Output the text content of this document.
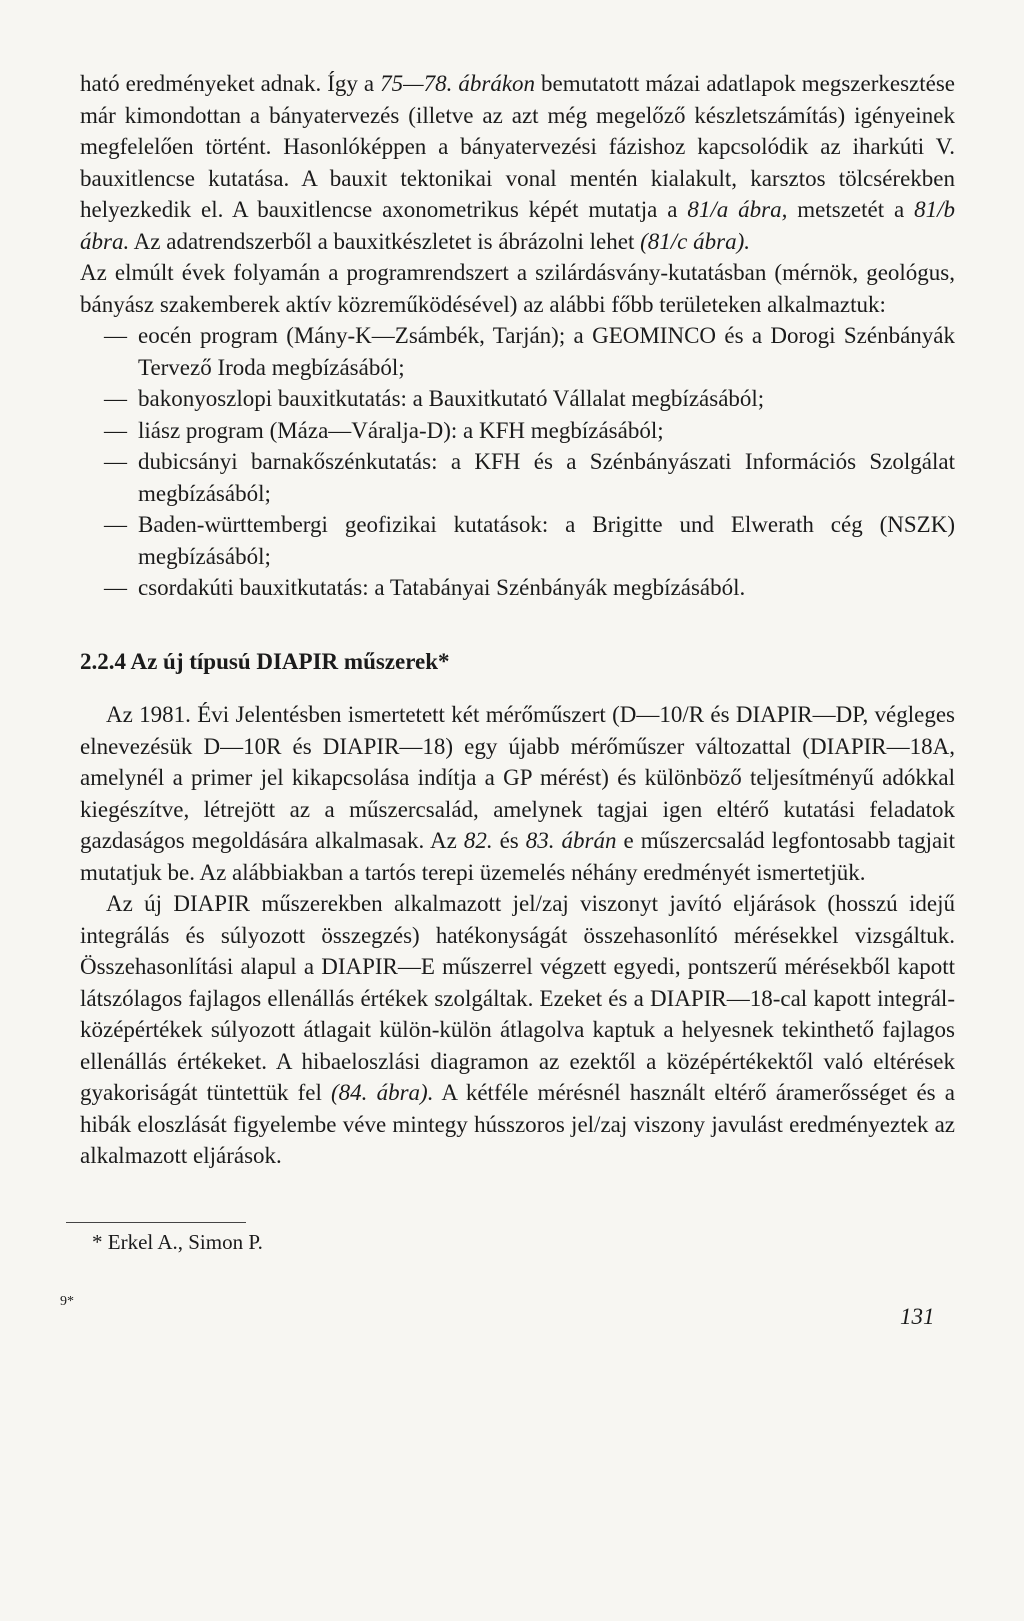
ható eredményeket adnak. Így a 75—78. ábrákon bemutatott mázai adatlapok megszerkesztése már kimondottan a bányatervezés (illetve az azt még megelőző készletszámítás) igényeinek megfelelően történt. Hasonlóképpen a bányatervezési fázishoz kapcsolódik az iharkúti V. bauxitlencse kutatása. A bauxit tektonikai vonal mentén kialakult, karsztos tölcsérekben helyezkedik el. A bauxitlencse axonometrikus képét mutatja a 81/a ábra, metszetét a 81/b ábra. Az adatrendszerből a bauxitkészletet is ábrázolni lehet (81/c ábra).

Az elmúlt évek folyamán a programrendszert a szilárdásvány-kutatásban (mérnök, geológus, bányász szakemberek aktív közreműködésével) az alábbi főbb területeken alkalmaztuk:

— eocén program (Mány-K—Zsámbék, Tarján); a GEOMINCO és a Dorogi Szénbányák Tervező Iroda megbízásából;
— bakonyoszlopi bauxitkutatás: a Bauxitkutató Vállalat megbízásából;
— liász program (Máza—Váralja-D): a KFH megbízásából;
— dubicsányi barnakőszénkutatás: a KFH és a Szénbányászati Információs Szolgálat megbízásából;
— Baden-württembergi geofizikai kutatások: a Brigitte und Elwerath cég (NSZK) megbízásából;
— csordakúti bauxitkutatás: a Tatabányai Szénbányák megbízásából.
2.2.4 Az új típusú DIAPIR műszerek*

Az 1981. Évi Jelentésben ismertetett két mérőműszert (D—10/R és DIAPIR—DP, végleges elnevezésük D—10R és DIAPIR—18) egy újabb mérőműszer változattal (DIAPIR—18A, amelynél a primer jel kikapcsolása indítja a GP mérést) és különböző teljesítményű adókkal kiegészítve, létrejött az a műszercsalád, amelynek tagjai igen eltérő kutatási feladatok gazdaságos megoldására alkalmasak. Az 82. és 83. ábrán e műszercsalád legfontosabb tagjait mutatjuk be. Az alábbiakban a tartós terepi üzemelés néhány eredményét ismertetjük.

Az új DIAPIR műszerekben alkalmazott jel/zaj viszonyt javító eljárások (hosszú idejű integrálás és súlyozott összegzés) hatékonyságát összehasonlító mérésekkel vizsgáltuk. Összehasonlítási alapul a DIAPIR—E műszerrel végzett egyedi, pontszerű mérésekből kapott látszólagos fajlagos ellenállás értékek szolgáltak. Ezeket és a DIAPIR—18-cal kapott integrál-középértékek súlyozott átlagait külön-külön átlagolva kaptuk a helyesnek tekinthető fajlagos ellenállás értékeket. A hibaeloszlási diagramon az ezektől a középértékektől való eltérések gyakoriságát tüntettük fel (84. ábra). A kétféle mérésnél használt eltérő áramerősséget és a hibák eloszlását figyelembe véve mintegy hússzoros jel/zaj viszony javulást eredményeztek az alkalmazott eljárások.

* Erkel A., Simon P.
9*
131
